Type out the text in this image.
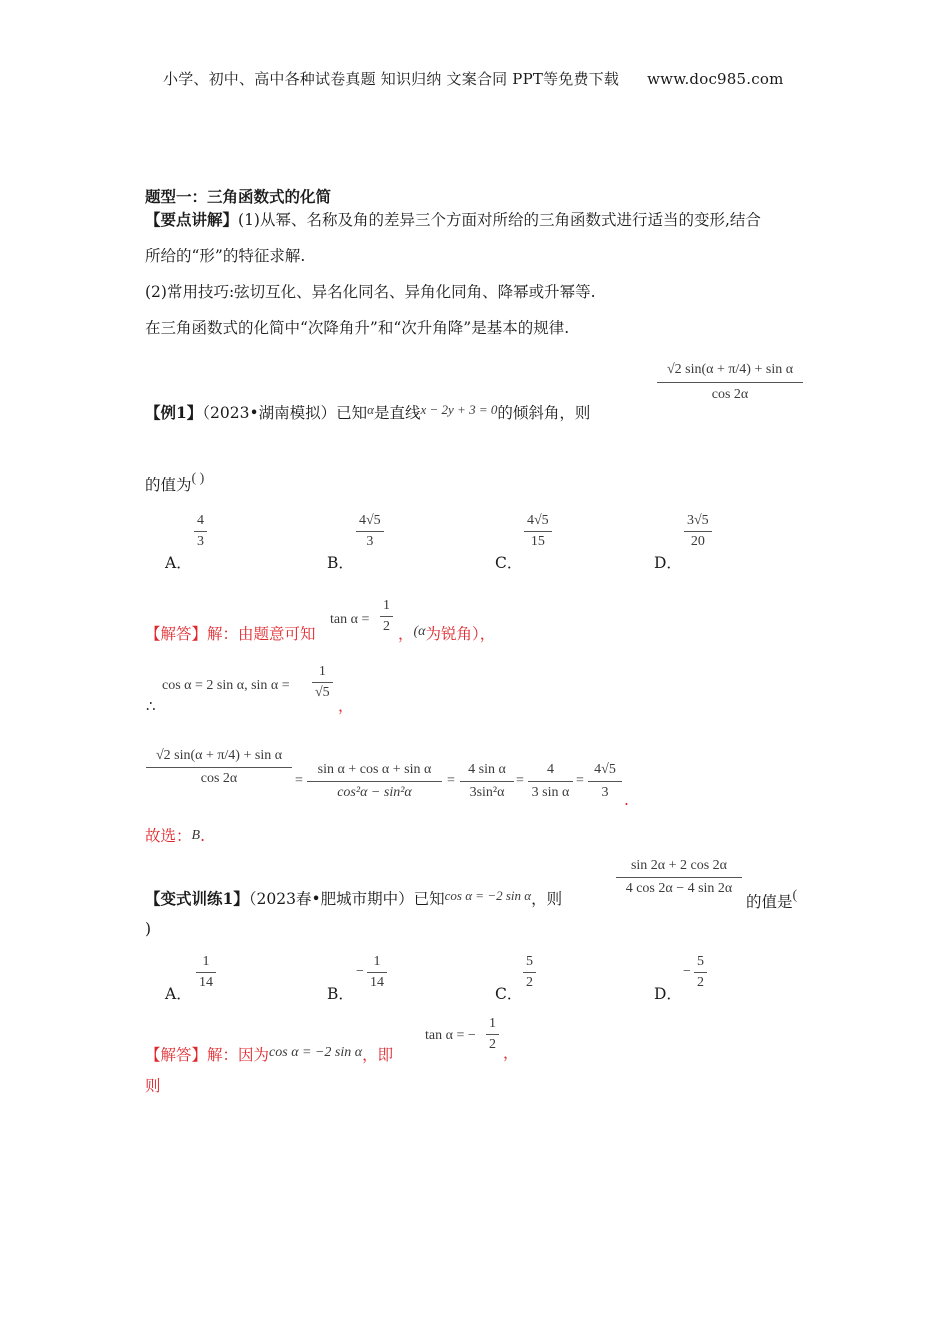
小学、初中、高中各种试卷真题 知识归纳 文案合同 PPT等免费下载 www.doc985.com
题型一：三角函数式的化简
【要点讲解】(1)从幂、名称及角的差异三个方面对所给的三角函数式进行适当的变形,结合
所给的“形”的特征求解.
(2)常用技巧:弦切互化、异名化同名、异角化同角、降幂或升幂等.
在三角函数式的化简中“次降角升”和“次升角降”是基本的规律.
【例1】（2023•湖南模拟）已知$^\alpha$是直线$^{x - 2y + 3 = 0}$的倾斜角，则
$\frac{\text{√2 sin(α + π/4) + sin α}}{\cos 2\alpha}$
的值为( )
A．
$\frac{4}{3}$
B．
$\frac{4√5}{3}$
C．
$\frac{4√5}{15}$
D．
$\frac{3√5}{20}$
【解答】解：由题意可知
$\tan \alpha = \frac{1}{2}$ ，(α为锐角），
∴
cos α = 2 sin α, $\sin \alpha = \frac{1}{√5}$
，
√2 sin(α + π/4) + sin α
cos 2α	=
sin α + cos α + sin α
cos²α − sin²α
=
4 sin α
3sin²α
=
4
3 sin α
=
4√5
3	.
故选：B.
【变式训练1】（2023春•肥城市期中）已知$^{cos \alpha = -2 sin \alpha}$，则
$\frac{\sin 2\alpha + 2 \cos 2\alpha}{4 \cos 2\alpha - 4 \sin 2\alpha}$
的值是(
)
A．
$\frac{1}{14}$
B．
− $\frac{1}{14}$
C．
$\frac{5}{2}$
D．
− $\frac{5}{2}$
【解答】解：因为cos α = −2 sin α，即
tan α = − $\frac{1}{2}$ ，
则
